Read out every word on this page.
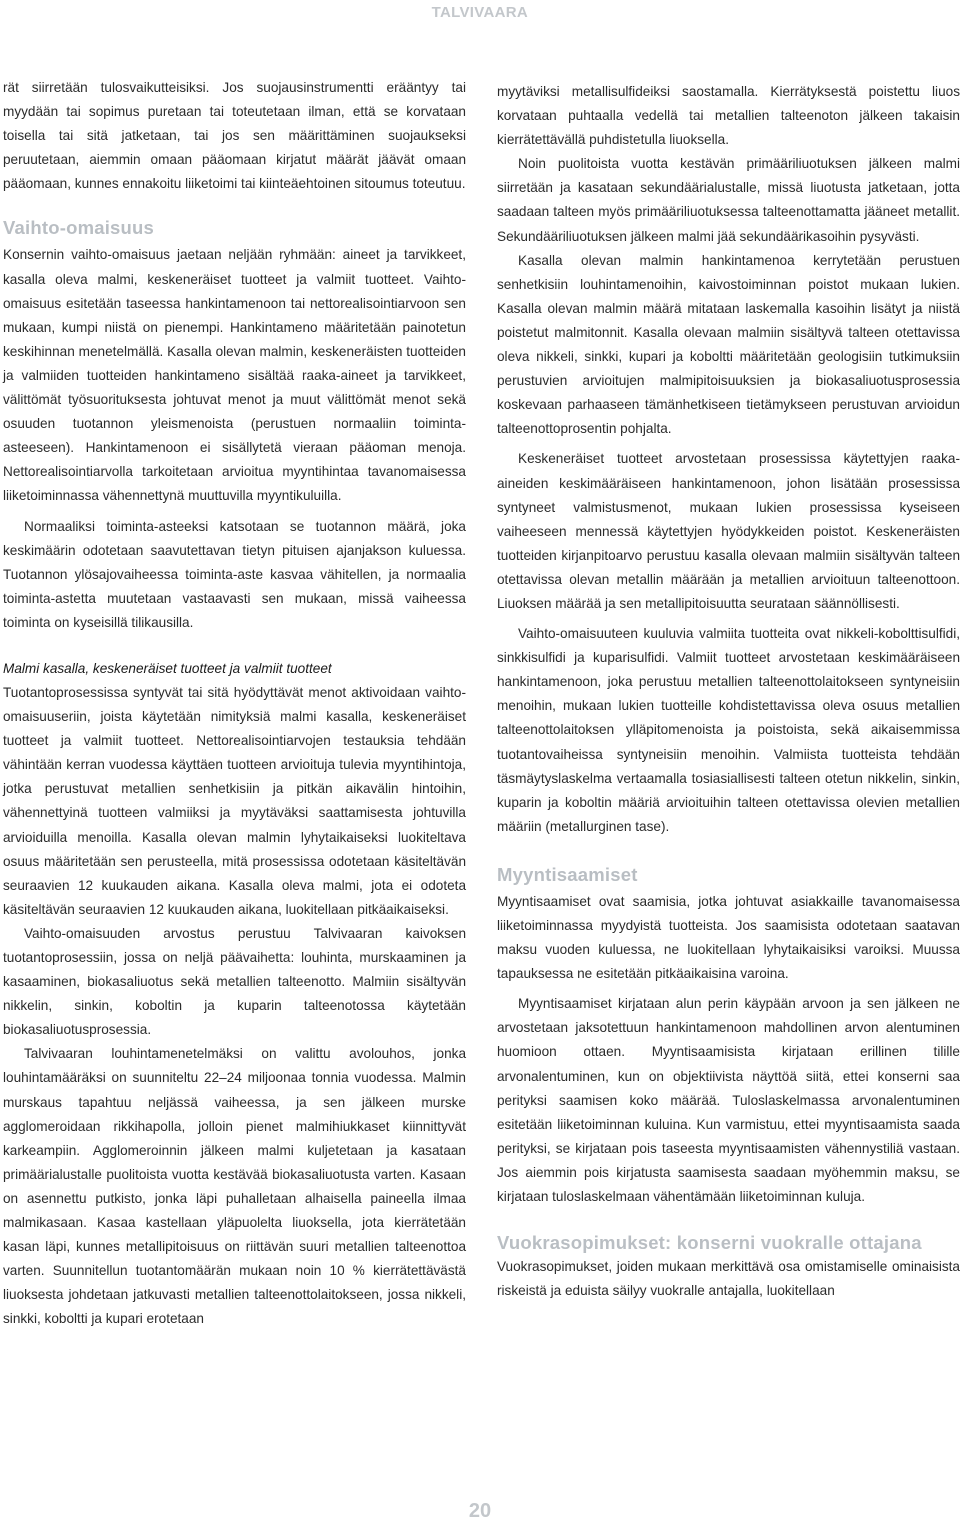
TALVIVAARA

rät siirretään tulosvaikutteisiksi. Jos suojausinstrumentti erääntyy tai myydään tai sopimus puretaan tai toteutetaan ilman, että se korvataan toisella tai sitä jatketaan, tai jos sen määrittäminen suojaukseksi peruutetaan, aiemmin omaan pääomaan kirjatut määrät jäävät omaan pääomaan, kunnes ennakoitu liiketoimi tai kiinteäehtoinen sitoumus toteutuu.

Vaihto-omaisuus

Konsernin vaihto-omaisuus jaetaan neljään ryhmään: aineet ja tarvikkeet, kasalla oleva malmi, keskeneräiset tuotteet ja valmiit tuotteet. Vaihto-omaisuus esitetään taseessa hankintamenoon tai nettorealisointiarvoon sen mukaan, kumpi niistä on pienempi. Hankintameno määritetään painotetun keskihinnan menetelmällä. Kasalla olevan malmin, keskeneräisten tuotteiden ja valmiiden tuotteiden hankintameno sisältää raaka-aineet ja tarvikkeet, välittömät työsuorituksesta johtuvat menot ja muut välittömät menot sekä osuuden tuotannon yleismenoista (perustuen normaaliin toiminta-asteeseen). Hankintamenoon ei sisällytetä vieraan pääoman menoja. Nettorealisointiarvolla tarkoitetaan arvioitua myyntihintaa tavanomaisessa liiketoiminnassa vähennettynä muuttuvilla myyntikuluilla.

Normaaliksi toiminta-asteeksi katsotaan se tuotannon määrä, joka keskimäärin odotetaan saavutettavan tietyn pituisen ajanjakson kuluessa. Tuotannon ylösajovaiheessa toiminta-aste kasvaa vähitellen, ja normaalia toiminta-astetta muutetaan vastaavasti sen mukaan, missä vaiheessa toiminta on kyseisillä tilikausilla.

Malmi kasalla, keskeneräiset tuotteet ja valmiit tuotteet

Tuotantoprosessissa syntyvät tai sitä hyödyttävät menot aktivoidaan vaihto-omaisuuseriin, joista käytetään nimityksiä malmi kasalla, keskeneräiset tuotteet ja valmiit tuotteet. Nettorealisointiarvojen testauksia tehdään vähintään kerran vuodessa käyttäen tuotteen arvioituja tulevia myyntihintoja, jotka perustuvat metallien senhetkisiin ja pitkän aikavälin hintoihin, vähennettyinä tuotteen valmiiksi ja myytäväksi saattamisesta johtuvilla arvioiduilla menoilla. Kasalla olevan malmin lyhytaikaiseksi luokiteltava osuus määritetään sen perusteella, mitä prosessissa odotetaan käsiteltävän seuraavien 12 kuukauden aikana. Kasalla oleva malmi, jota ei odoteta käsiteltävän seuraavien 12 kuukauden aikana, luokitellaan pitkäaikaiseksi.

Vaihto-omaisuuden arvostus perustuu Talvivaaran kaivoksen tuotantoprosessiin, jossa on neljä päävaihetta: louhinta, murskaaminen ja kasaaminen, biokasaliuotus sekä metallien talteenotto. Malmiin sisältyvän nikkelin, sinkin, koboltin ja kuparin talteenotossa käytetään biokasaliuotusprosessia.

Talvivaaran louhintamenetelmäksi on valittu avolouhos, jonka louhintamääräksi on suunniteltu 22–24 miljoonaa tonnia vuodessa. Malmin murskaus tapahtuu neljässä vaiheessa, ja sen jälkeen murske agglomeroidaan rikkihapolla, jolloin pienet malmihiukkaset kiinnittyvät karkeampiin. Agglomeroinnin jälkeen malmi kuljetetaan ja kasataan primäärialustalle puolitoista vuotta kestävää biokasaliuotusta varten. Kasaan on asennettu putkisto, jonka läpi puhalletaan alhaisella paineella ilmaa malmikasaan. Kasaa kastellaan yläpuolelta liuoksella, jota kierrätetään kasan läpi, kunnes metallipitoisuus on riittävän suuri metallien talteenottoa varten. Suunnitellun tuotantomäärän mukaan noin 10 % kierrätettävästä liuoksesta johdetaan jatkuvasti metallien talteenottolaitokseen, jossa nikkeli, sinkki, koboltti ja kupari erotetaan

myytäviksi metallisulfideiksi saostamalla. Kierrätyksestä poistettu liuos korvataan puhtaalla vedellä tai metallien talteenoton jälkeen takaisin kierrätettävällä puhdistetulla liuoksella.

Noin puolitoista vuotta kestävän primääriliuotuksen jälkeen malmi siirretään ja kasataan sekundäärialustalle, missä liuotusta jatketaan, jotta saadaan talteen myös primääriliuotuksessa talteenottamatta jääneet metallit. Sekundääriliuotuksen jälkeen malmi jää sekundäärikasoihin pysyvästi.

Kasalla olevan malmin hankintamenoa kerrytetään perustuen senhetkisiin louhintamenoihin, kaivostoiminnan poistot mukaan lukien. Kasalla olevan malmin määrä mitataan laskemalla kasoihin lisätyt ja niistä poistetut malmitonnit. Kasalla olevaan malmiin sisältyvä talteen otettavissa oleva nikkeli, sinkki, kupari ja koboltti määritetään geologisiin tutkimuksiin perustuvien arvioitujen malmipitoisuuksien ja biokasaliuotusprosessia koskevaan parhaaseen tämänhetkiseen tietämykseen perustuvan arvioidun talteenottoprosentin pohjalta.

Keskeneräiset tuotteet arvostetaan prosessissa käytettyjen raaka-aineiden keskimääräiseen hankintamenoon, johon lisätään prosessissa syntyneet valmistusmenot, mukaan lukien prosessissa kyseiseen vaiheeseen mennessä käytettyjen hyödykkeiden poistot. Keskeneräisten tuotteiden kirjanpitoarvo perustuu kasalla olevaan malmiin sisältyvän talteen otettavissa olevan metallin määrään ja metallien arvioituun talteenottoon. Liuoksen määrää ja sen metallipitoisuutta seurataan säännöllisesti.

Vaihto-omaisuuteen kuuluvia valmiita tuotteita ovat nikkeli-kobolttisulfidi, sinkkisulfidi ja kuparisulfidi. Valmiit tuotteet arvostetaan keskimääräiseen hankintamenoon, joka perustuu metallien talteenottolaitokseen syntyneisiin menoihin, mukaan lukien tuotteille kohdistettavissa oleva osuus metallien talteenottolaitoksen ylläpitomenoista ja poistoista, sekä aikaisemmissa tuotantovaiheissa syntyneisiin menoihin. Valmiista tuotteista tehdään täsmäytyslaskelma vertaamalla tosiasiallisesti talteen otetun nikkelin, sinkin, kuparin ja koboltin määriä arvioituihin talteen otettavissa olevien metallien määriin (metallurginen tase).

Myyntisaamiset

Myyntisaamiset ovat saamisia, jotka johtuvat asiakkaille tavanomaisessa liiketoiminnassa myydyistä tuotteista. Jos saamisista odotetaan saatavan maksu vuoden kuluessa, ne luokitellaan lyhytaikaisiksi varoiksi. Muussa tapauksessa ne esitetään pitkäaikaisina varoina.

Myyntisaamiset kirjataan alun perin käypään arvoon ja sen jälkeen ne arvostetaan jaksotettuun hankintamenoon mahdollinen arvon alentuminen huomioon ottaen. Myyntisaamisista kirjataan erillinen tilille arvonalentuminen, kun on objektiivista näyttöä siitä, ettei konserni saa perityksi saamisen koko määrää. Tuloslaskelmassa arvonalentuminen esitetään liiketoiminnan kuluina. Kun varmistuu, ettei myyntisaamista saada perityksi, se kirjataan pois taseesta myyntisaamisten vähennystiliä vastaan. Jos aiemmin pois kirjatusta saamisesta saadaan myöhemmin maksu, se kirjataan tuloslaskelmaan vähentämään liiketoiminnan kuluja.

Vuokrasopimukset: konserni vuokralle ottajana

Vuokrasopimukset, joiden mukaan merkittävä osa omistamiselle ominaisista riskeistä ja eduista säilyy vuokralle antajalla, luokitellaan

20
